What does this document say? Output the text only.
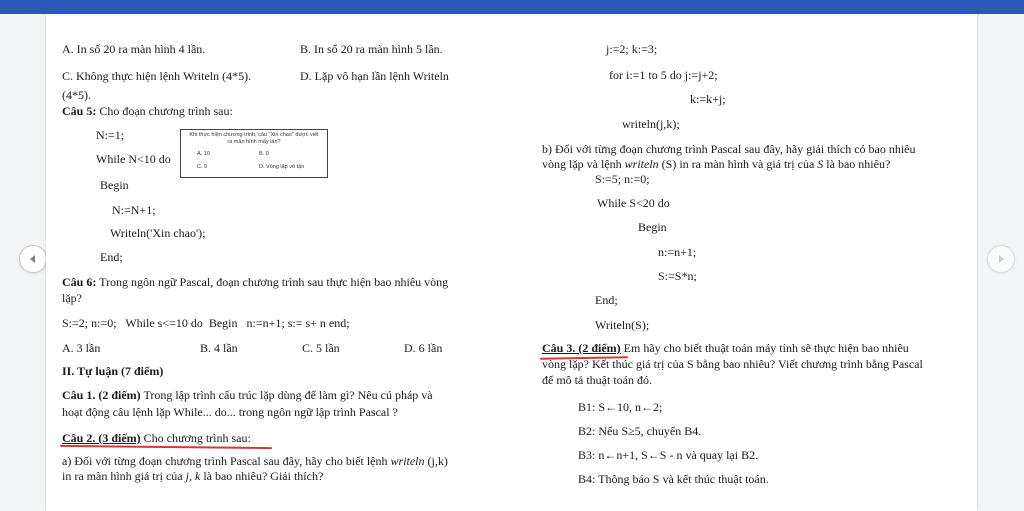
A. In số 20 ra màn hình 4 lần.	B. In số 20 ra màn hình 5 lần.
C. Không thực hiện lệnh Writeln (4*5).	D. Lặp vô hạn lần lệnh Writeln
(4*5).
Câu 5: Cho đoạn chương trình sau:
N:=1;
While N<10 do
Begin
N:=N+1;
Writeln('Xin chao');
End;
Khi thực hiện chương trình, câu "Xin chao" được viết ra màn hình mấy lần?
A. 10	B. 0
C. 9	D. Vòng lặp vô tận
Câu 6: Trong ngôn ngữ Pascal, đoạn chương trình sau thực hiện bao nhiêu vòng
lặp?
S:=2; n:=0;   While s<=10 do  Begin   n:=n+1; s:= s+ n end;
A. 3 lần	B. 4 lần	C. 5 lần	D. 6 lần
II. Tự luận (7 điểm)
Câu 1. (2 điểm) Trong lập trình cấu trúc lặp dùng để làm gì? Nêu cú pháp và
hoạt động câu lệnh lặp While... do... trong ngôn ngữ lập trình Pascal ?
Câu 2. (3 điểm) Cho chương trình sau:
a) Đối với từng đoạn chương trình Pascal sau đây, hãy cho biết lệnh writeln (j,k)
in ra màn hình giá trị của j, k là bao nhiêu? Giải thích?
j:=2; k:=3;
for i:=1 to 5 do j:=j+2;
k:=k+j;
writeln(j,k);
b) Đối với từng đoạn chương trình Pascal sau đây, hãy giải thích có bao nhiêu
vòng lặp và lệnh writeln (S) in ra màn hình và giá trị của S là bao nhiêu?
S:=5; n:=0;
While S<20 do
Begin
n:=n+1;
S:=S*n;
End;
Writeln(S);
Câu 3. (2 điểm) Em hãy cho biết thuật toán máy tính sẽ thực hiện bao nhiêu
vòng lặp? Kết thúc giá trị của S bằng bao nhiêu? Viết chương trình bằng Pascal
để mô tả thuật toán đó.
B1: S←10, n←2;
B2: Nếu S≥5, chuyển B4.
B3: n←n+1, S←S - n và quay lại B2.
B4: Thông báo S và kết thúc thuật toán.
